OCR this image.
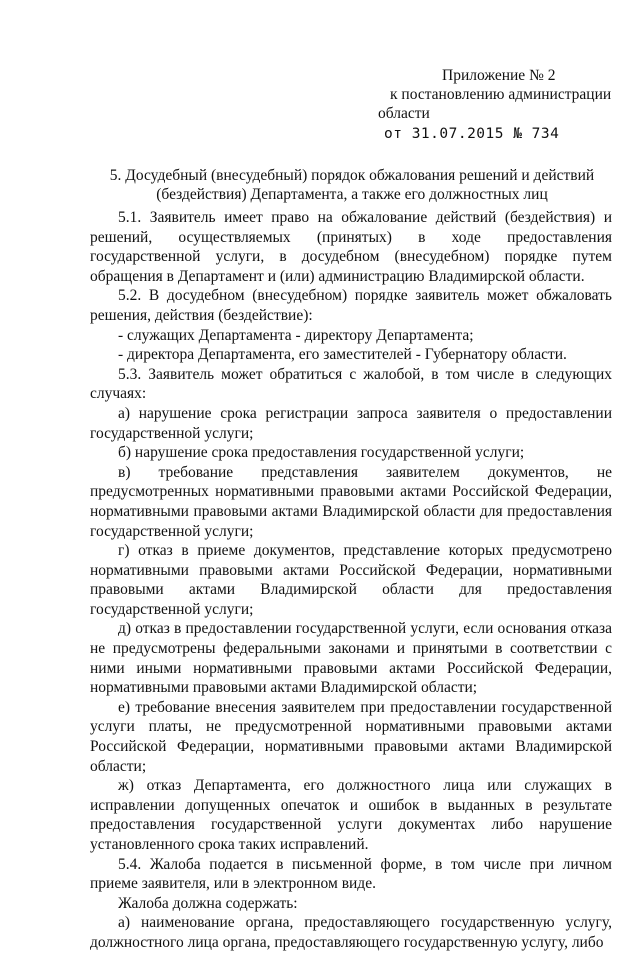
Приложение № 2
к постановлению администрации
области
от 31.07.2015 № 734
5. Досудебный (внесудебный) порядок обжалования решений и действий (бездействия) Департамента, а также его должностных лиц

5.1. Заявитель имеет право на обжалование действий (бездействия) и решений, осуществляемых (принятых) в ходе предоставления государственной услуги, в досудебном (внесудебном) порядке путем обращения в Департамент и (или) администрацию Владимирской области.

5.2. В досудебном (внесудебном) порядке заявитель может обжаловать решения, действия (бездействие):

- служащих Департамента - директору Департамента;

- директора Департамента, его заместителей - Губернатору области.

5.3. Заявитель может обратиться с жалобой, в том числе в следующих случаях:

а) нарушение срока регистрации запроса заявителя о предоставлении государственной услуги;

б) нарушение срока предоставления государственной услуги;

в) требование представления заявителем документов, не предусмотренных нормативными правовыми актами Российской Федерации, нормативными правовыми актами Владимирской области для предоставления государственной услуги;

г) отказ в приеме документов, представление которых предусмотрено нормативными правовыми актами Российской Федерации, нормативными правовыми актами Владимирской области для предоставления государственной услуги;

д) отказ в предоставлении государственной услуги, если основания отказа не предусмотрены федеральными законами и принятыми в соответствии с ними иными нормативными правовыми актами Российской Федерации, нормативными правовыми актами Владимирской области;

е) требование внесения заявителем при предоставлении государственной услуги платы, не предусмотренной нормативными правовыми актами Российской Федерации, нормативными правовыми актами Владимирской области;

ж) отказ Департамента, его должностного лица или служащих в исправлении допущенных опечаток и ошибок в выданных в результате предоставления государственной услуги документах либо нарушение установленного срока таких исправлений.

5.4. Жалоба подается в письменной форме, в том числе при личном приеме заявителя, или в электронном виде.

Жалоба должна содержать:

а) наименование органа, предоставляющего государственную услугу, должностного лица органа, предоставляющего государственную услугу, либо
